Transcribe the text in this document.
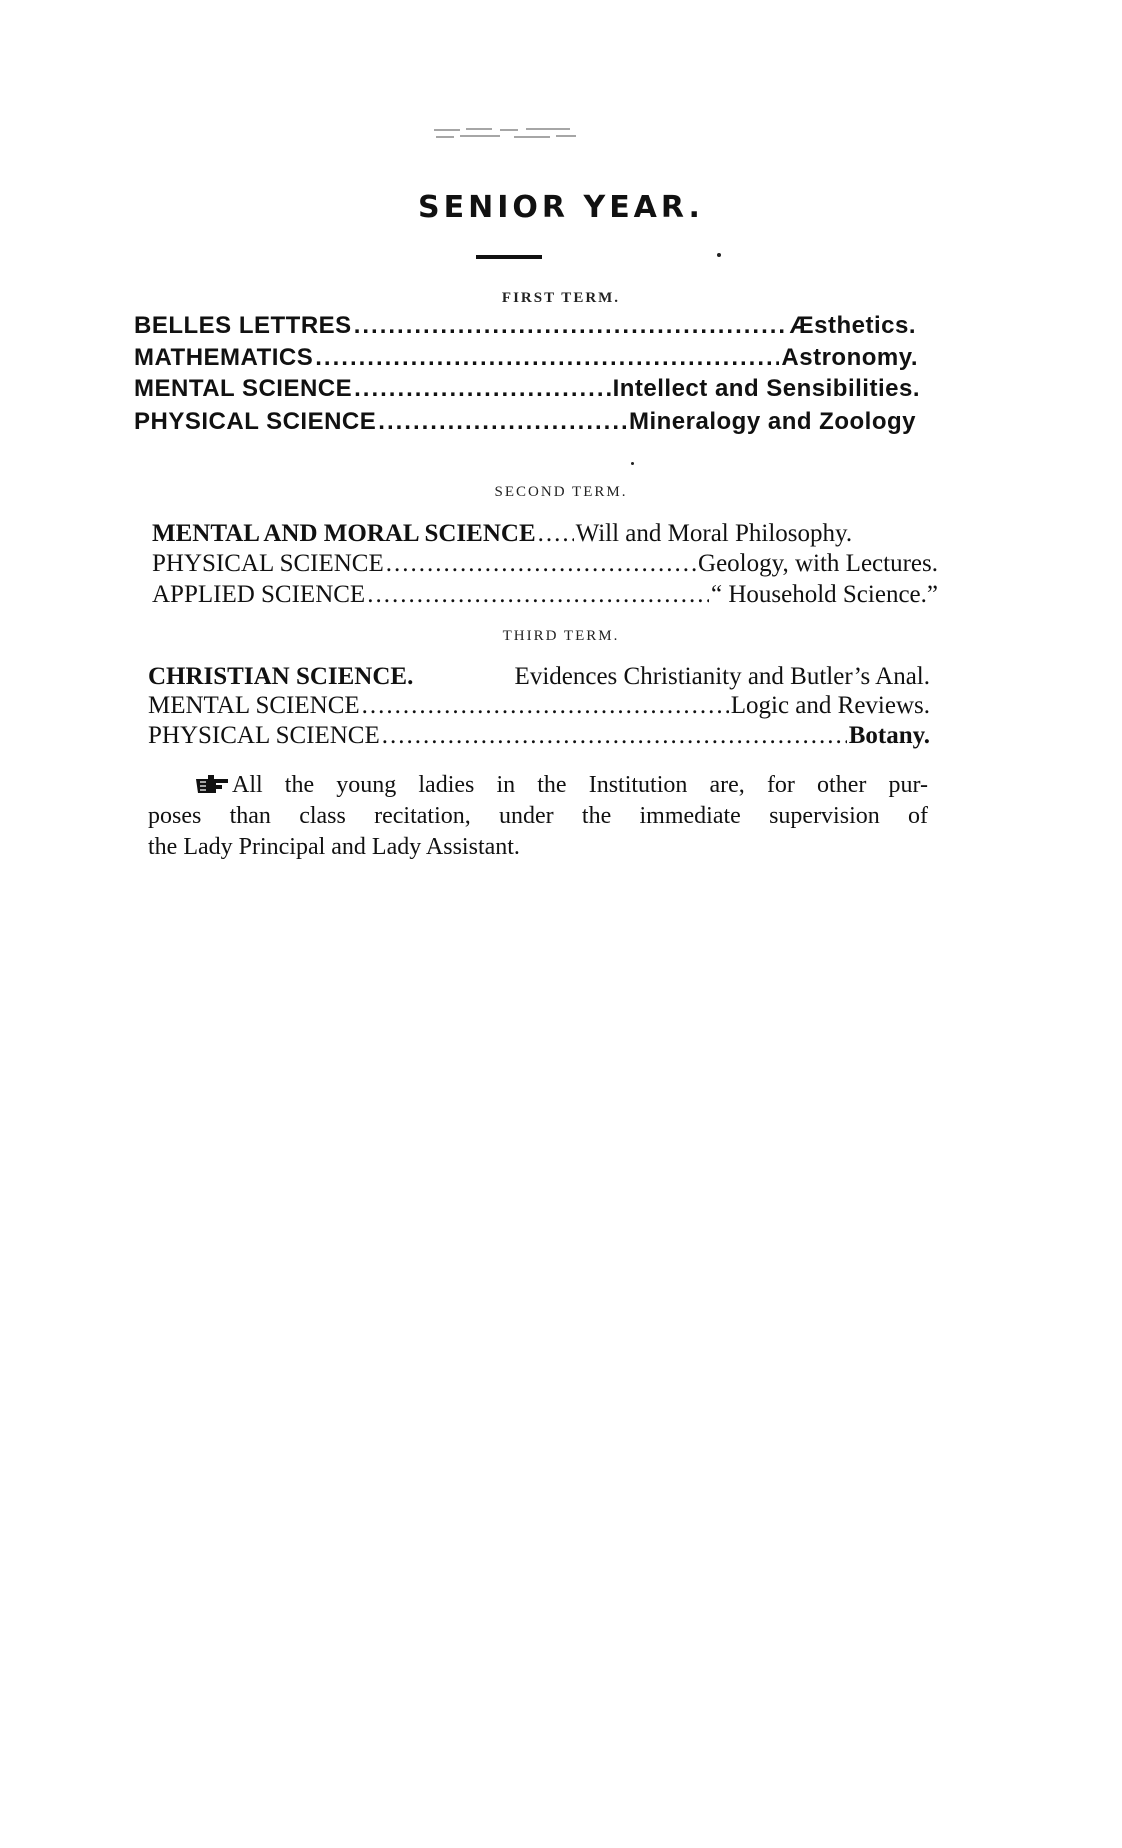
SENIOR YEAR.
FIRST TERM.
BELLES LETTRES .....	Æsthetics.
MATHEMATICS .....	Astronomy.
MENTAL SCIENCE .....	Intellect and Sensibilities.
PHYSICAL SCIENCE .....	Mineralogy and Zoology
SECOND TERM.
MENTAL AND MORAL SCIENCE ..... Will and Moral Philosophy.
PHYSICAL SCIENCE .....	Geology, with Lectures.
APPLIED SCIENCE .....	“ Household Science.”
THIRD TERM.
CHRISTIAN SCIENCE.	Evidences Christianity and Butler’s Anal.
MENTAL SCIENCE .....	Logic and Reviews.
PHYSICAL SCIENCE .....	Botany.
All the young ladies in the Institution are, for other pur-
poses than class recitation, under the immediate supervision of
the Lady Principal and Lady Assistant.
